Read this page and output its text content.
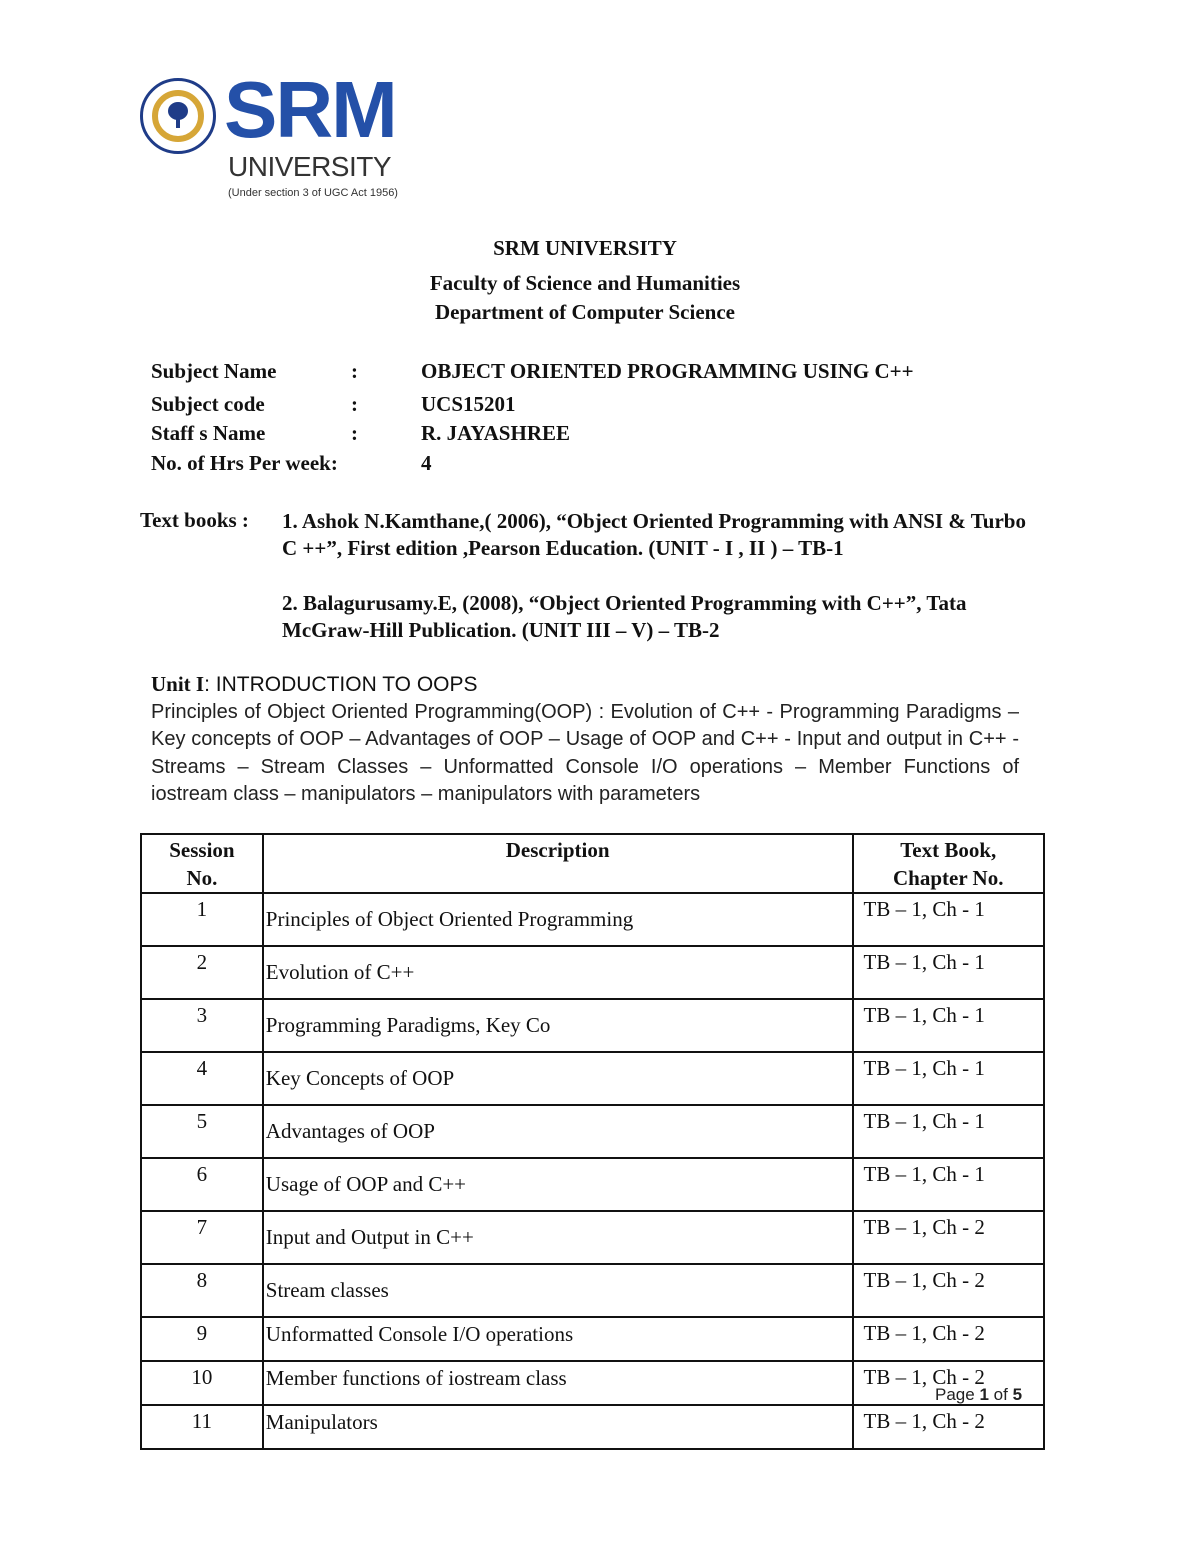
SRM
UNIVERSITY
(Under section 3 of UGC Act 1956)
SRM UNIVERSITY
Faculty of Science and Humanities
Department of Computer Science
Subject Name	:	OBJECT ORIENTED PROGRAMMING USING C++
Subject code	:	UCS15201
Staff s Name	:	R. JAYASHREE
No. of Hrs Per week:	4
Text books : 1. Ashok N.Kamthane,( 2006), “Object Oriented Programming with ANSI & Turbo C ++”, First edition ,Pearson Education. (UNIT - I , II ) – TB-1
2. Balagurusamy.E, (2008), “Object Oriented Programming with C++”, Tata McGraw-Hill Publication. (UNIT III – V) – TB-2
Unit I: INTRODUCTION TO OOPS
Principles of Object Oriented Programming(OOP) : Evolution of C++ - Programming Paradigms – Key concepts of OOP – Advantages of OOP – Usage of OOP and C++ - Input and output in C++ - Streams – Stream Classes – Unformatted Console I/O operations – Member Functions of iostream class – manipulators – manipulators with parameters
Session
No.	Description	Text Book,
Chapter No.
1	Principles of Object Oriented Programming	TB – 1, Ch - 1
2	Evolution of C++	TB – 1, Ch - 1
3	Programming Paradigms, Key Co	TB – 1, Ch - 1
4	Key Concepts of OOP	TB – 1, Ch - 1
5	Advantages of OOP	TB – 1, Ch - 1
6	Usage of OOP and C++	TB – 1, Ch - 1
7	Input and Output in C++	TB – 1, Ch - 2
8	Stream classes	TB – 1, Ch - 2
9	Unformatted Console I/O operations	TB – 1, Ch - 2
10	Member functions of iostream class	TB – 1, Ch - 2
11	Manipulators	TB – 1, Ch - 2
Page 1 of 5
